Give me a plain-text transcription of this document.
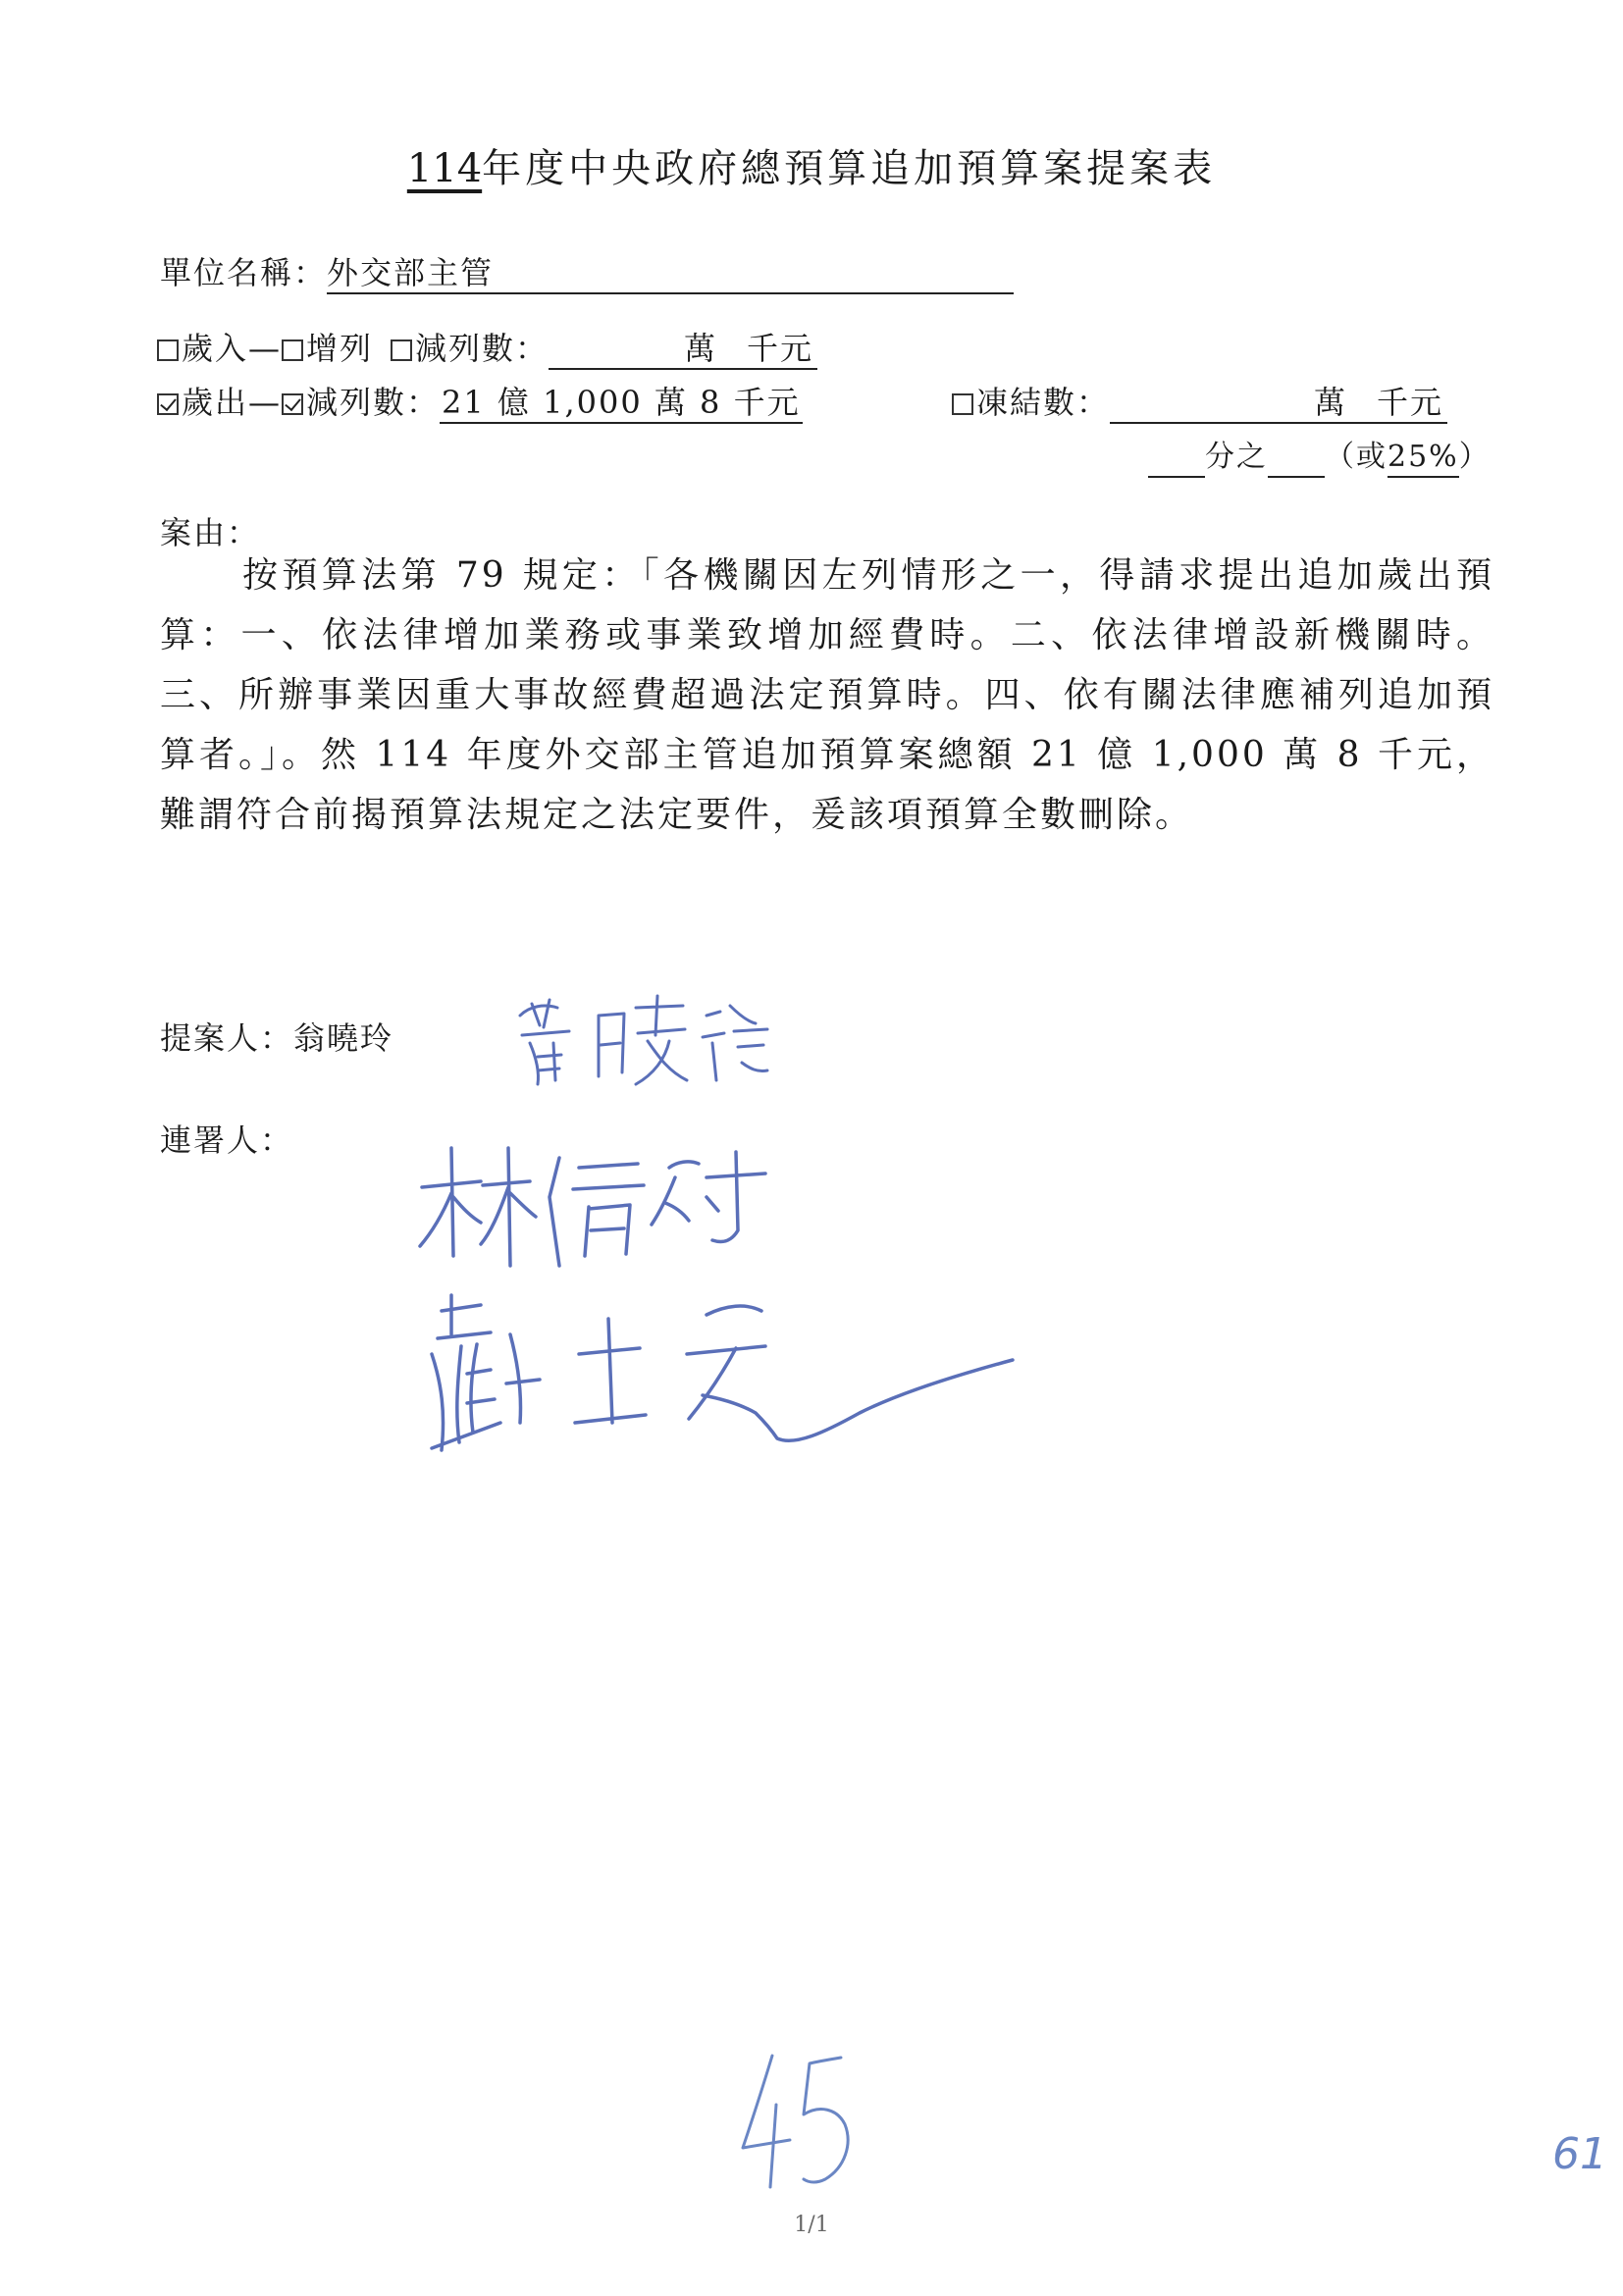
114年度中央政府總預算追加預算案提案表
單位名稱：外交部主管
歲入— 增列 減列數：	萬 千元
歲出— 減列數：21 億 1,000 萬 8 千元	凍結數：	萬 千元
分之 （或25%）
案由：
按預算法第 79 規定：「各機關因左列情形之一，得請求提出追加歲出預算：一、依法律增加業務或事業致增加經費時。二、依法律增設新機關時。三、所辦事業因重大事故經費超過法定預算時。四、依有關法律應補列追加預算者。」。然 114 年度外交部主管追加預算案總額 21 億 1,000 萬 8 千元，難謂符合前揭預算法規定之法定要件，爰該項預算全數刪除。
提案人：翁曉玲
連署人：
61
1/1
